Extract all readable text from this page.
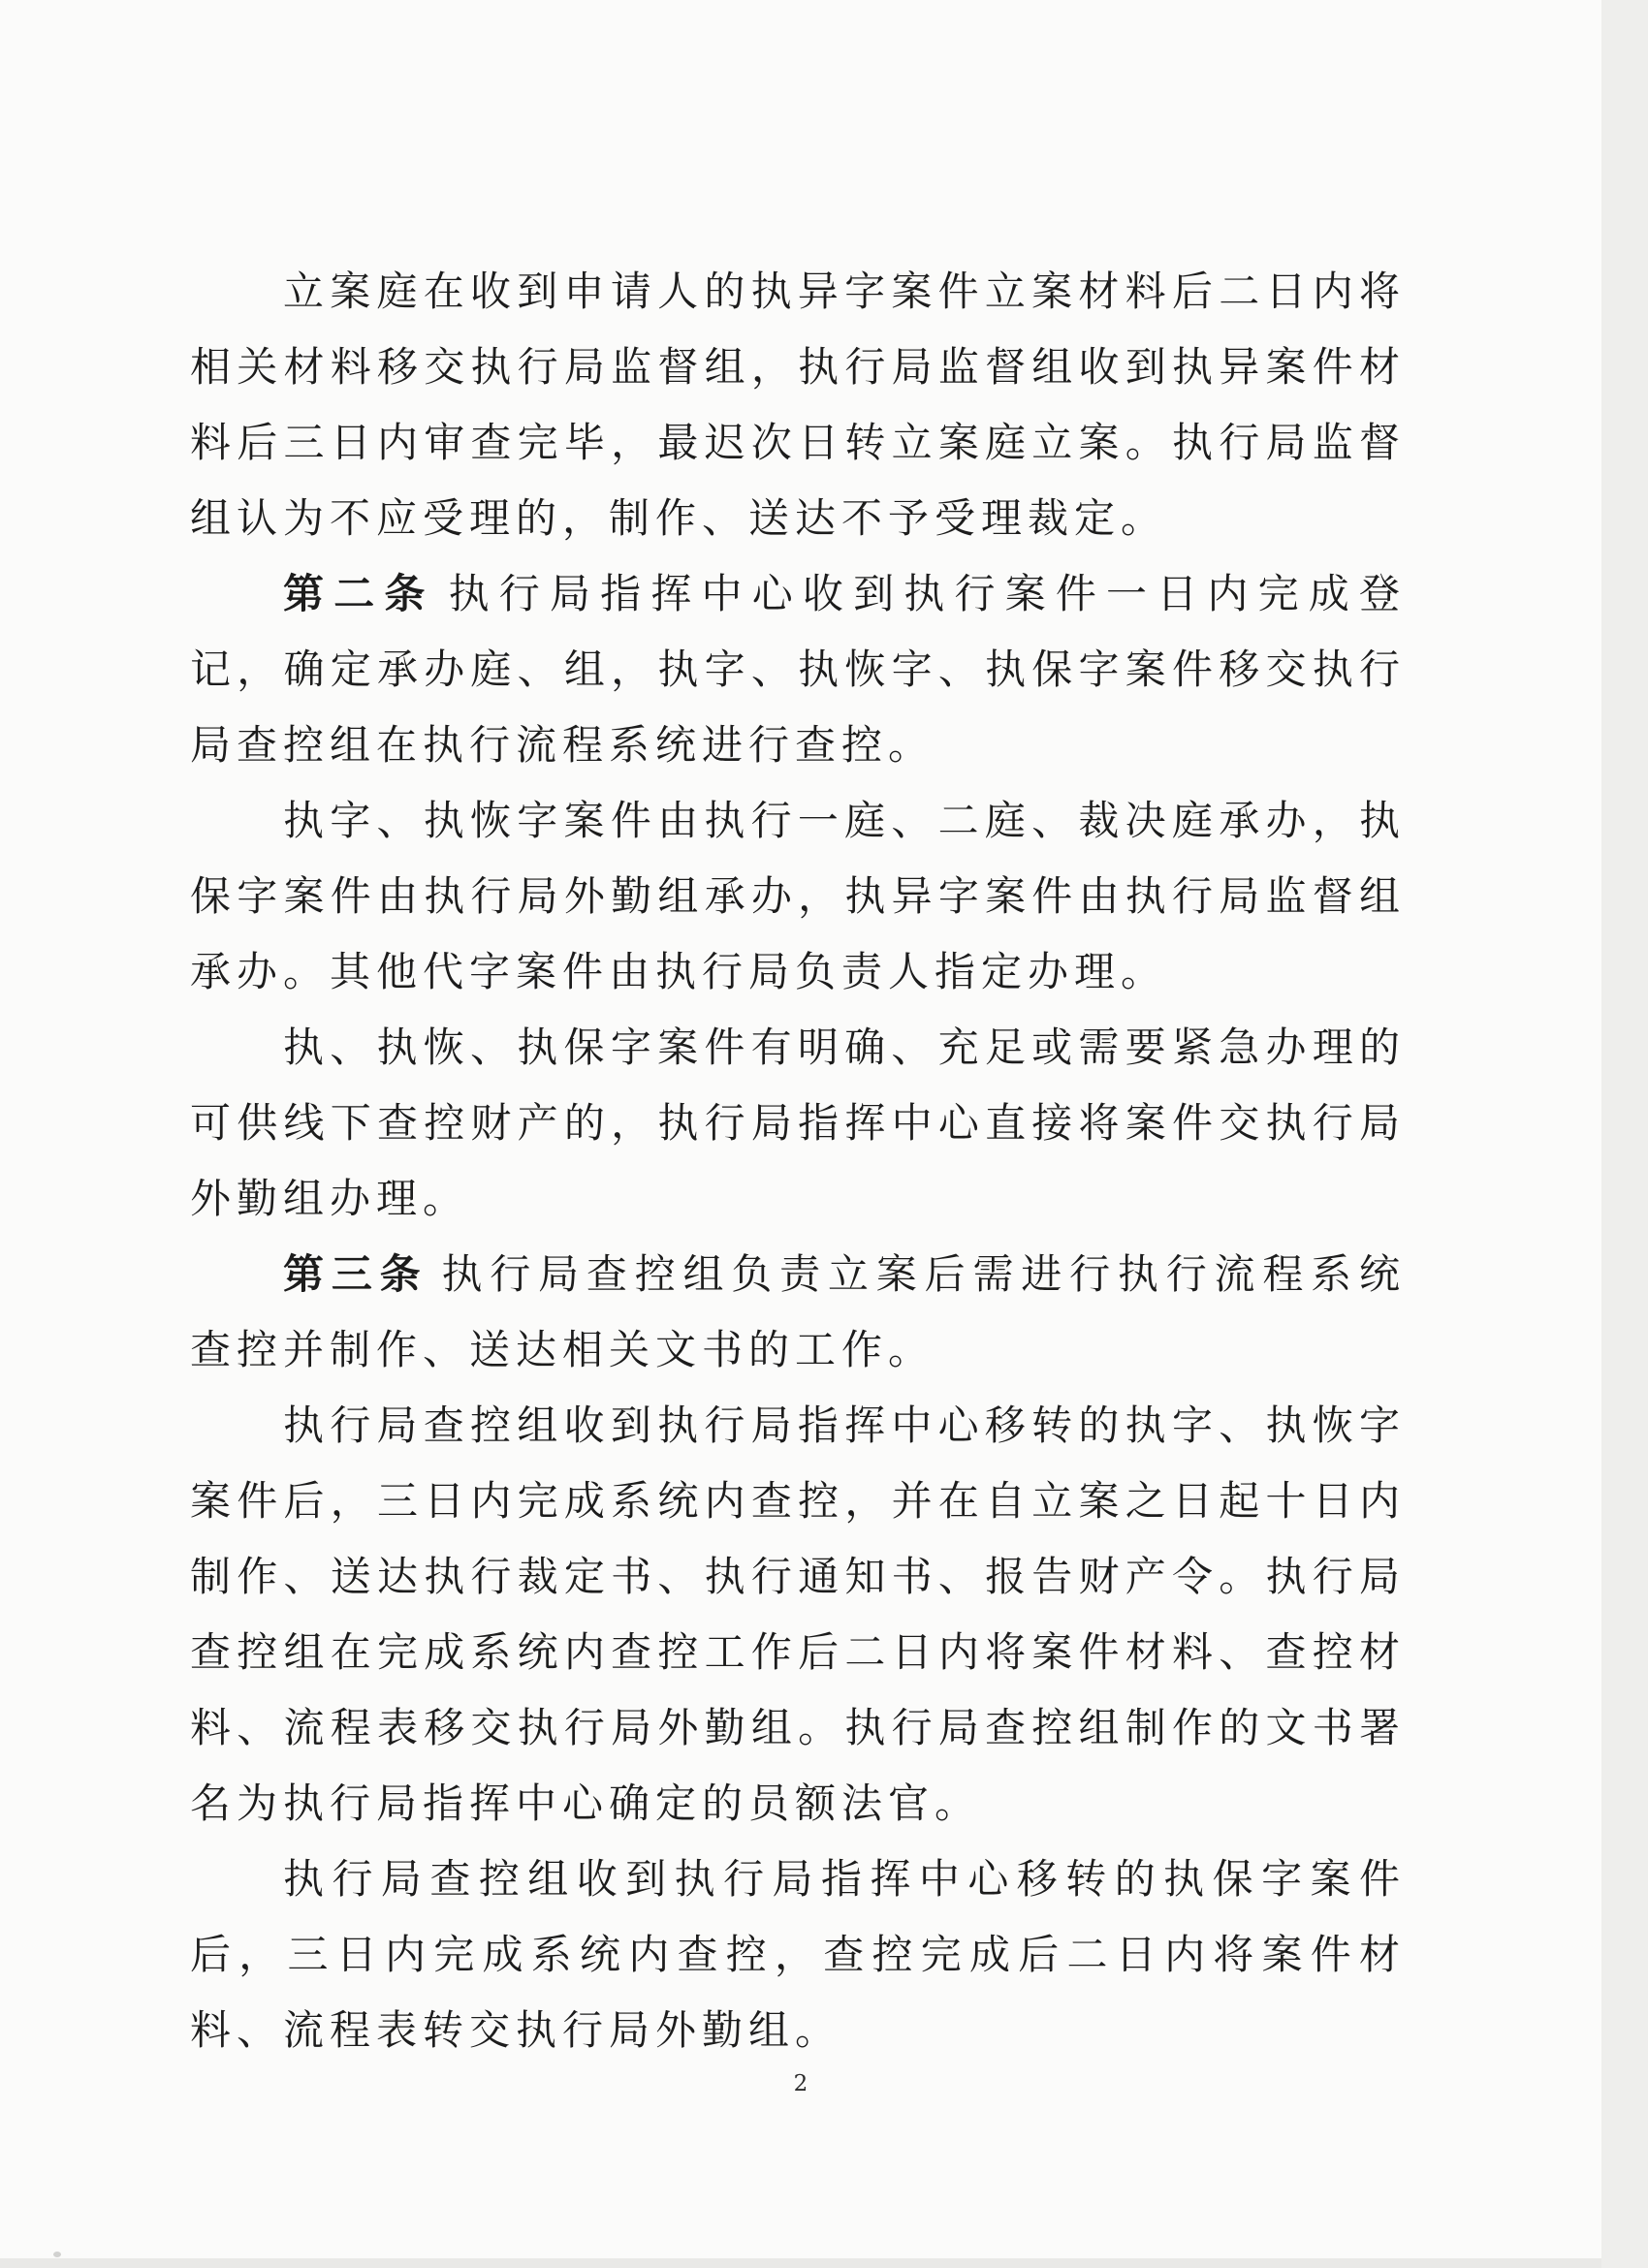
立案庭在收到申请人的执异字案件立案材料后二日内将相关材料移交执行局监督组，执行局监督组收到执异案件材料后三日内审查完毕，最迟次日转立案庭立案。执行局监督组认为不应受理的，制作、送达不予受理裁定。

第二条 执行局指挥中心收到执行案件一日内完成登记，确定承办庭、组，执字、执恢字、执保字案件移交执行局查控组在执行流程系统进行查控。

执字、执恢字案件由执行一庭、二庭、裁决庭承办，执保字案件由执行局外勤组承办，执异字案件由执行局监督组承办。其他代字案件由执行局负责人指定办理。

执、执恢、执保字案件有明确、充足或需要紧急办理的可供线下查控财产的，执行局指挥中心直接将案件交执行局外勤组办理。

第三条 执行局查控组负责立案后需进行执行流程系统查控并制作、送达相关文书的工作。

执行局查控组收到执行局指挥中心移转的执字、执恢字案件后，三日内完成系统内查控，并在自立案之日起十日内制作、送达执行裁定书、执行通知书、报告财产令。执行局查控组在完成系统内查控工作后二日内将案件材料、查控材料、流程表移交执行局外勤组。执行局查控组制作的文书署名为执行局指挥中心确定的员额法官。

执行局查控组收到执行局指挥中心移转的执保字案件后，三日内完成系统内查控，查控完成后二日内将案件材料、流程表转交执行局外勤组。

2
